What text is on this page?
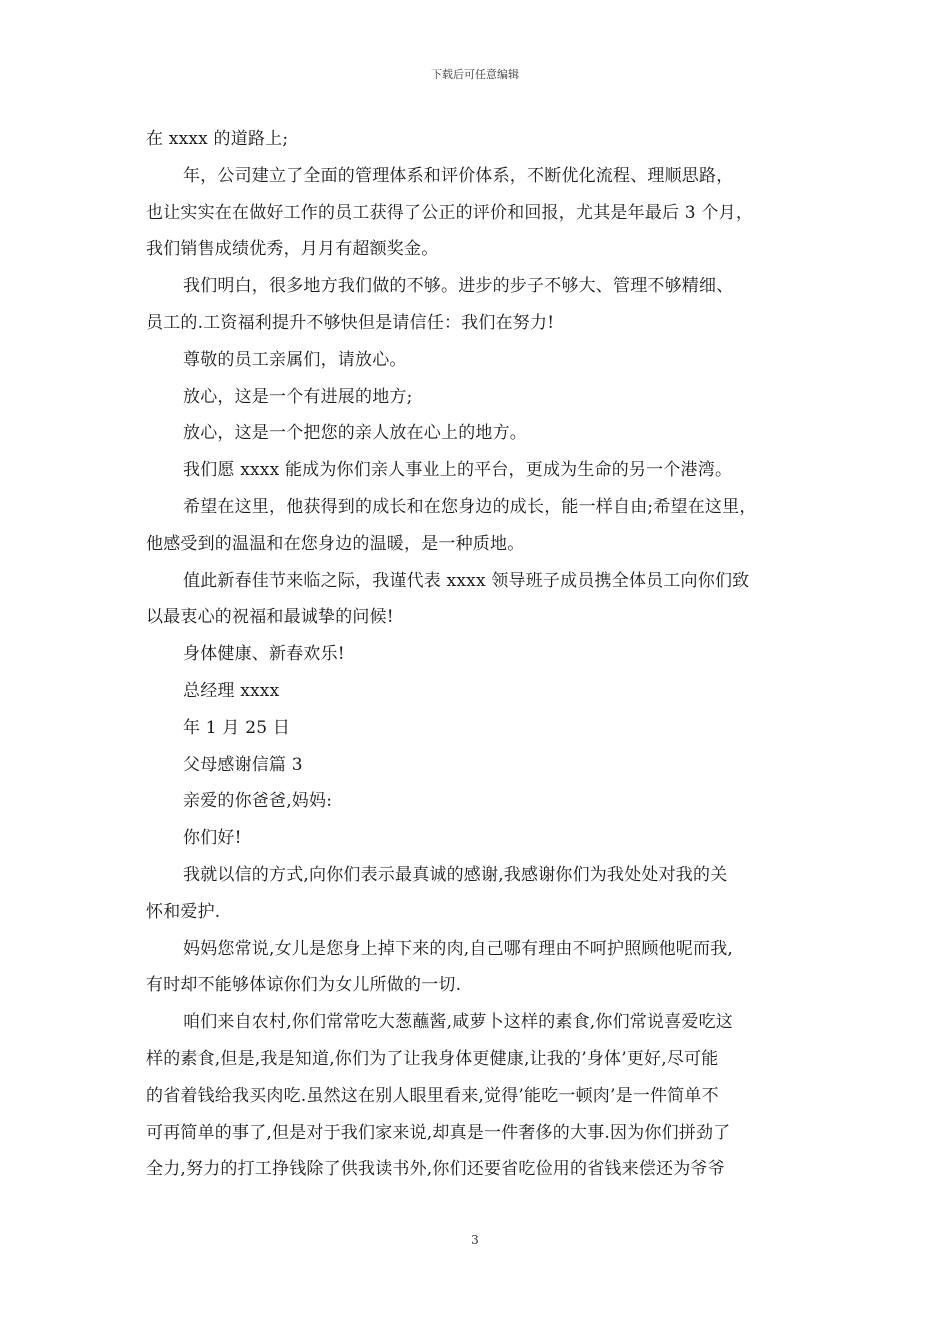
下载后可任意编辑
在 xxxx 的道路上;
年，公司建立了全面的管理体系和评价体系，不断优化流程、理顺思路，
也让实实在在做好工作的员工获得了公正的评价和回报，尤其是年最后 3 个月，
我们销售成绩优秀，月月有超额奖金。
我们明白，很多地方我们做的不够。进步的步子不够大、管理不够精细、
员工的.工资福利提升不够快但是请信任：我们在努力!
尊敬的员工亲属们，请放心。
放心，这是一个有进展的地方;
放心，这是一个把您的亲人放在心上的地方。
我们愿 xxxx 能成为你们亲人事业上的平台，更成为生命的另一个港湾。
希望在这里，他获得到的成长和在您身边的成长，能一样自由;希望在这里，
他感受到的温温和在您身边的温暖，是一种质地。
值此新春佳节来临之际，我谨代表 xxxx 领导班子成员携全体员工向你们致
以最衷心的祝福和最诚挚的问候!
身体健康、新春欢乐!
总经理 xxxx
年 1 月 25 日
父母感谢信篇 3
亲爱的你爸爸,妈妈:
你们好!
我就以信的方式,向你们表示最真诚的感谢,我感谢你们为我处处对我的关
怀和爱护.
妈妈您常说,女儿是您身上掉下来的肉,自己哪有理由不呵护照顾他呢而我,
有时却不能够体谅你们为女儿所做的一切.
咱们来自农村,你们常常吃大葱蘸酱,咸萝卜这样的素食,你们常说喜爱吃这
样的素食,但是,我是知道,你们为了让我身体更健康,让我的’身体’更好,尽可能
的省着钱给我买肉吃.虽然这在别人眼里看来,觉得’能吃一顿肉’是一件简单不
可再简单的事了,但是对于我们家来说,却真是一件奢侈的大事.因为你们拼劲了
全力,努力的打工挣钱除了供我读书外,你们还要省吃俭用的省钱来偿还为爷爷
3
